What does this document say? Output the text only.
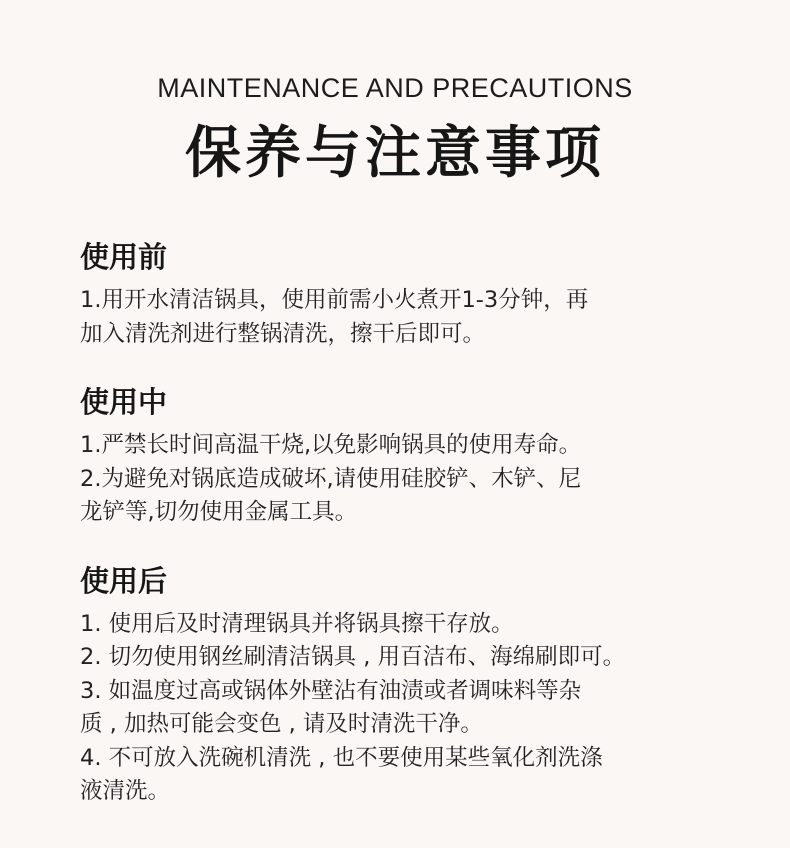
MAINTENANCE AND PRECAUTIONS

保养与注意事项
使用前
1.用开水清洁锅具，使用前需小火煮开1-3分钟，再
加入清洗剂进行整锅清洗，擦干后即可。
使用中
1.严禁长时间高温干烧,以免影响锅具的使用寿命。
2.为避免对锅底造成破坏,请使用硅胶铲、木铲、尼
龙铲等,切勿使用金属工具。
使用后
1. 使用后及时清理锅具并将锅具擦干存放。
2. 切勿使用钢丝刷清洁锅具 , 用百洁布、海绵刷即可。
3. 如温度过高或锅体外壁沾有油渍或者调味料等杂
质 , 加热可能会变色 , 请及时清洗干净。
4. 不可放入洗碗机清洗 , 也不要使用某些氧化剂洗涤
液清洗。
